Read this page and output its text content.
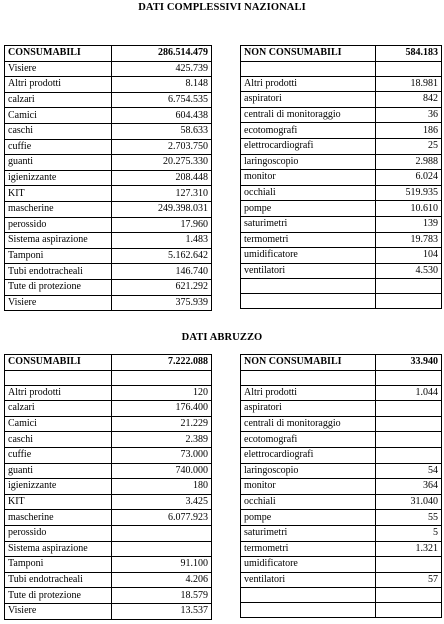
DATI COMPLESSIVI NAZIONALI
CONSUMABILI	286.514.479
Visiere	425.739
Altri prodotti	8.148
calzari	6.754.535
Camici	604.438
caschi	58.633
cuffie	2.703.750
guanti	20.275.330
igienizzante	208.448
KIT	127.310
mascherine	249.398.031
perossido	17.960
Sistema aspirazione	1.483
Tamponi	5.162.642
Tubi endotracheali	146.740
Tute di protezione	621.292
Visiere	375.939
NON CONSUMABILI	584.183

Altri prodotti	18.981
aspiratori	842
centrali di monitoraggio	36
ecotomografi	186
elettrocardiografi	25
laringoscopio	2.988
monitor	6.024
occhiali	519.935
pompe	10.610
saturimetri	139
termometri	19.783
umidificatore	104
ventilatori	4.530

DATI ABRUZZO
CONSUMABILI	7.222.088

Altri prodotti	120
calzari	176.400
Camici	21.229
caschi	2.389
cuffie	73.000
guanti	740.000
igienizzante	180
KIT	3.425
mascherine	6.077.923
perossido	
Sistema aspirazione	
Tamponi	91.100
Tubi endotracheali	4.206
Tute di protezione	18.579
Visiere	13.537
NON CONSUMABILI	33.940

Altri prodotti	1.044
aspiratori	
centrali di monitoraggio	
ecotomografi	
elettrocardiografi	
laringoscopio	54
monitor	364
occhiali	31.040
pompe	55
saturimetri	5
termometri	1.321
umidificatore	
ventilatori	57
